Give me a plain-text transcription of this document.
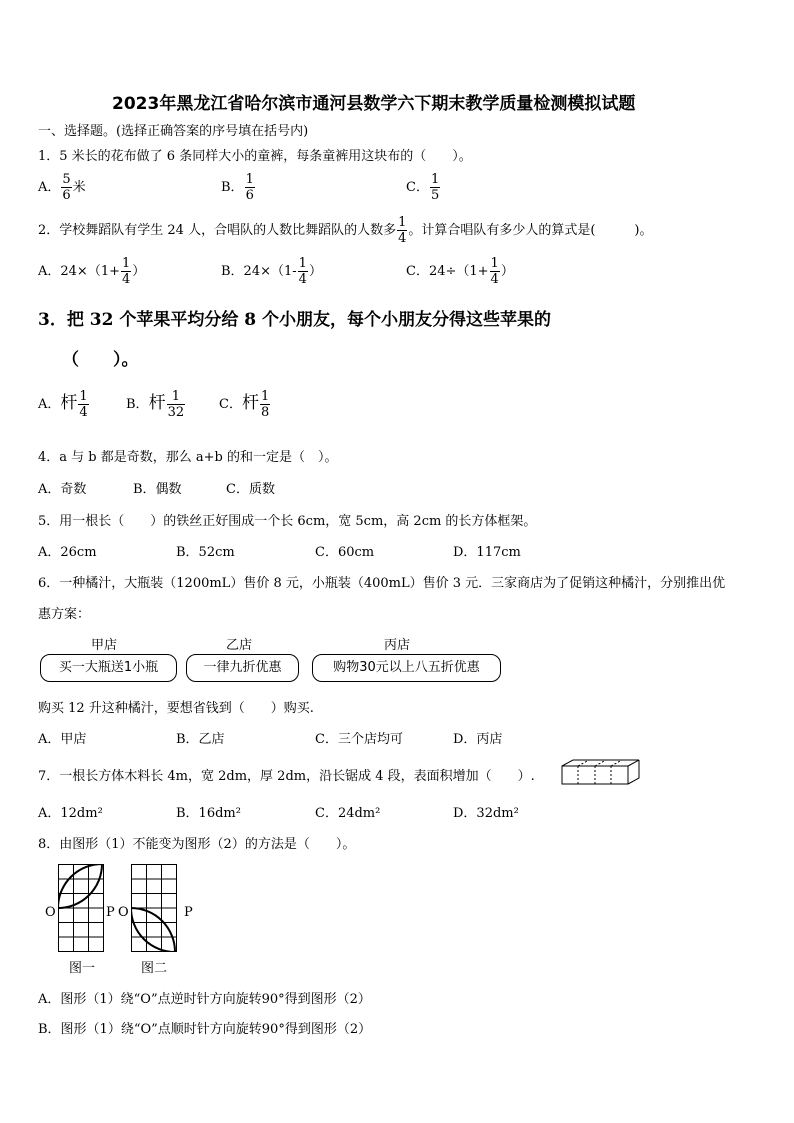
2023年黑龙江省哈尔滨市通河县数学六下期末教学质量检测模拟试题
一、选择题。(选择正确答案的序号填在括号内)
1．5 米长的花布做了 6 条同样大小的童裤，每条童裤用这块布的（　　）。
A． $\frac{5}{6}$ 米	B． $\frac{1}{6}$	C． $\frac{1}{5}$
2．学校舞蹈队有学生 24 人，合唱队的人数比舞蹈队的人数多 $\frac{1}{4}$ 。计算合唱队有多少人的算式是(　　　)。
A．$24\times(1+ \frac{1}{4}$ ）	B．$24\times(1- \frac{1}{4}$ ）	C．$24\div(1+ \frac{1}{4}$ ）
3．把 32 个苹果平均分给 8 个小朋友，每个小朋友分得这些苹果的
（　　）。
A．杆 $\frac{1}{4}$	B．杆 $\frac{1}{32}$	C．杆 $\frac{1}{8}$
4．a 与 b 都是奇数，那么 a+b 的和一定是（　）。
A．奇数	B．偶数	C．质数
5．用一根长（　　）的铁丝正好围成一个长 6cm，宽 5cm，高 2cm 的长方体框架。
A．26cm	B．52cm	C．60cm	D．117cm
6．一种橘汁，大瓶装（1200mL）售价 8 元，小瓶装（400mL）售价 3 元．三家商店为了促销这种橘汁，分别推出优
惠方案：
甲店	乙店	丙店
买一大瓶送1小瓶	一律九折优惠	购物30元以上八五折优惠
购买 12 升这种橘汁，要想省钱到（　　）购买.
A．甲店	B．乙店	C．三个店均可	D．丙店
7．一根长方体木料长 4m，宽 2dm，厚 2dm，沿长锯成 4 段，表面积增加（　　）.
A．12dm²	B．16dm²	C．24dm²	D．32dm²
8．由图形（1）不能变为图形（2）的方法是（　　）。
O	P
图一
O	P
图二
A．图形（1）绕“O”点逆时针方向旋转90°得到图形（2）
B．图形（1）绕“O”点顺时针方向旋转90°得到图形（2）
